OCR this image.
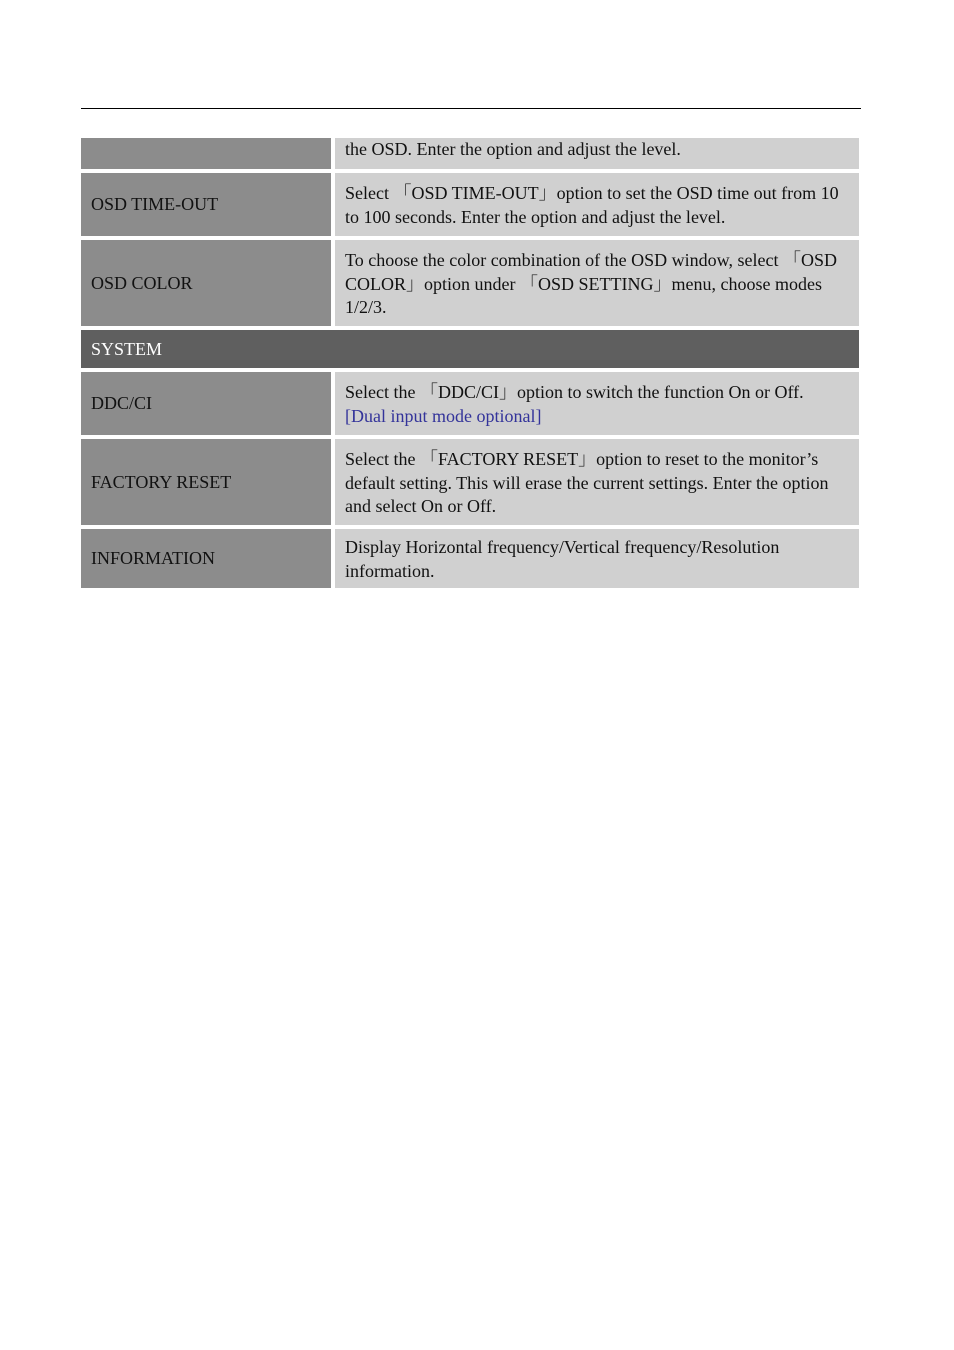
the OSD. Enter the option and adjust the level.
OSD TIME-OUT
Select 「OSD TIME-OUT」option to set the OSD time out from 10 to 100 seconds. Enter the option and adjust the level.
OSD COLOR
To choose the color combination of the OSD window, select 「OSD COLOR」option under 「OSD SETTING」menu, choose modes 1/2/3.
SYSTEM
DDC/CI
Select the 「DDC/CI」option to switch the function On or Off.
[Dual input mode optional]
FACTORY RESET
Select the 「FACTORY RESET」option to reset to the monitor’s default setting. This will erase the current settings. Enter the option and select On or Off.
INFORMATION
Display Horizontal frequency/Vertical frequency/Resolution information.
